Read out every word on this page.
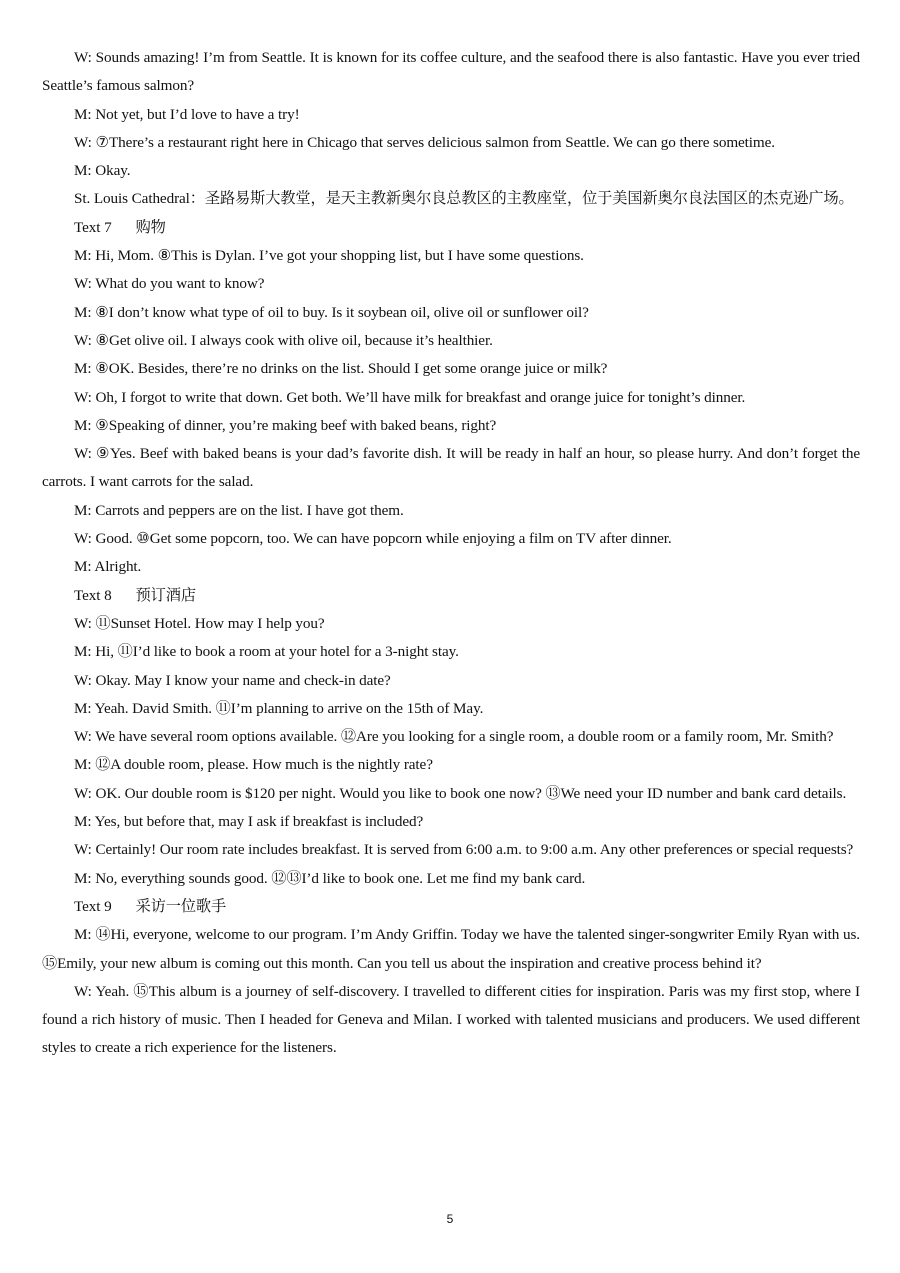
W: Sounds amazing! I’m from Seattle. It is known for its coffee culture, and the seafood there is also fantastic. Have you ever tried Seattle’s famous salmon?

M: Not yet, but I’d love to have a try!

W: ⑦There’s a restaurant right here in Chicago that serves delicious salmon from Seattle. We can go there sometime.

M: Okay.

St. Louis Cathedral：圣路易斯大教堂，是天主教新奥尔良总教区的主教座堂，位于美国新奥尔良法国区的杰克逊广场。

Text 7 购物

M: Hi, Mom. ⑧This is Dylan. I’ve got your shopping list, but I have some questions.

W: What do you want to know?

M: ⑧I don’t know what type of oil to buy. Is it soybean oil, olive oil or sunflower oil?

W: ⑧Get olive oil. I always cook with olive oil, because it’s healthier.

M: ⑧OK. Besides, there’re no drinks on the list. Should I get some orange juice or milk?

W: Oh, I forgot to write that down. Get both. We’ll have milk for breakfast and orange juice for tonight’s dinner.

M: ⑨Speaking of dinner, you’re making beef with baked beans, right?

W: ⑨Yes. Beef with baked beans is your dad’s favorite dish. It will be ready in half an hour, so please hurry. And don’t forget the carrots. I want carrots for the salad.

M: Carrots and peppers are on the list. I have got them.

W: Good. ⑩Get some popcorn, too. We can have popcorn while enjoying a film on TV after dinner.

M: Alright.

Text 8 预订酒店

W: ⑪Sunset Hotel. How may I help you?

M: Hi, ⑪I’d like to book a room at your hotel for a 3-night stay.

W: Okay. May I know your name and check-in date?

M: Yeah. David Smith. ⑪I’m planning to arrive on the 15th of May.

W: We have several room options available. ⑫Are you looking for a single room, a double room or a family room, Mr. Smith?

M: ⑫A double room, please. How much is the nightly rate?

W: OK. Our double room is $120 per night. Would you like to book one now? ⑬We need your ID number and bank card details.

M: Yes, but before that, may I ask if breakfast is included?

W: Certainly! Our room rate includes breakfast. It is served from 6:00 a.m. to 9:00 a.m. Any other preferences or special requests?

M: No, everything sounds good. ⑫⑬I’d like to book one. Let me find my bank card.

Text 9 采访一位歌手

M: ⑭Hi, everyone, welcome to our program. I’m Andy Griffin. Today we have the talented singer-songwriter Emily Ryan with us. ⑮Emily, your new album is coming out this month. Can you tell us about the inspiration and creative process behind it?

W: Yeah. ⑮This album is a journey of self-discovery. I travelled to different cities for inspiration. Paris was my first stop, where I found a rich history of music. Then I headed for Geneva and Milan. I worked with talented musicians and producers. We used different styles to create a rich experience for the listeners.

5
